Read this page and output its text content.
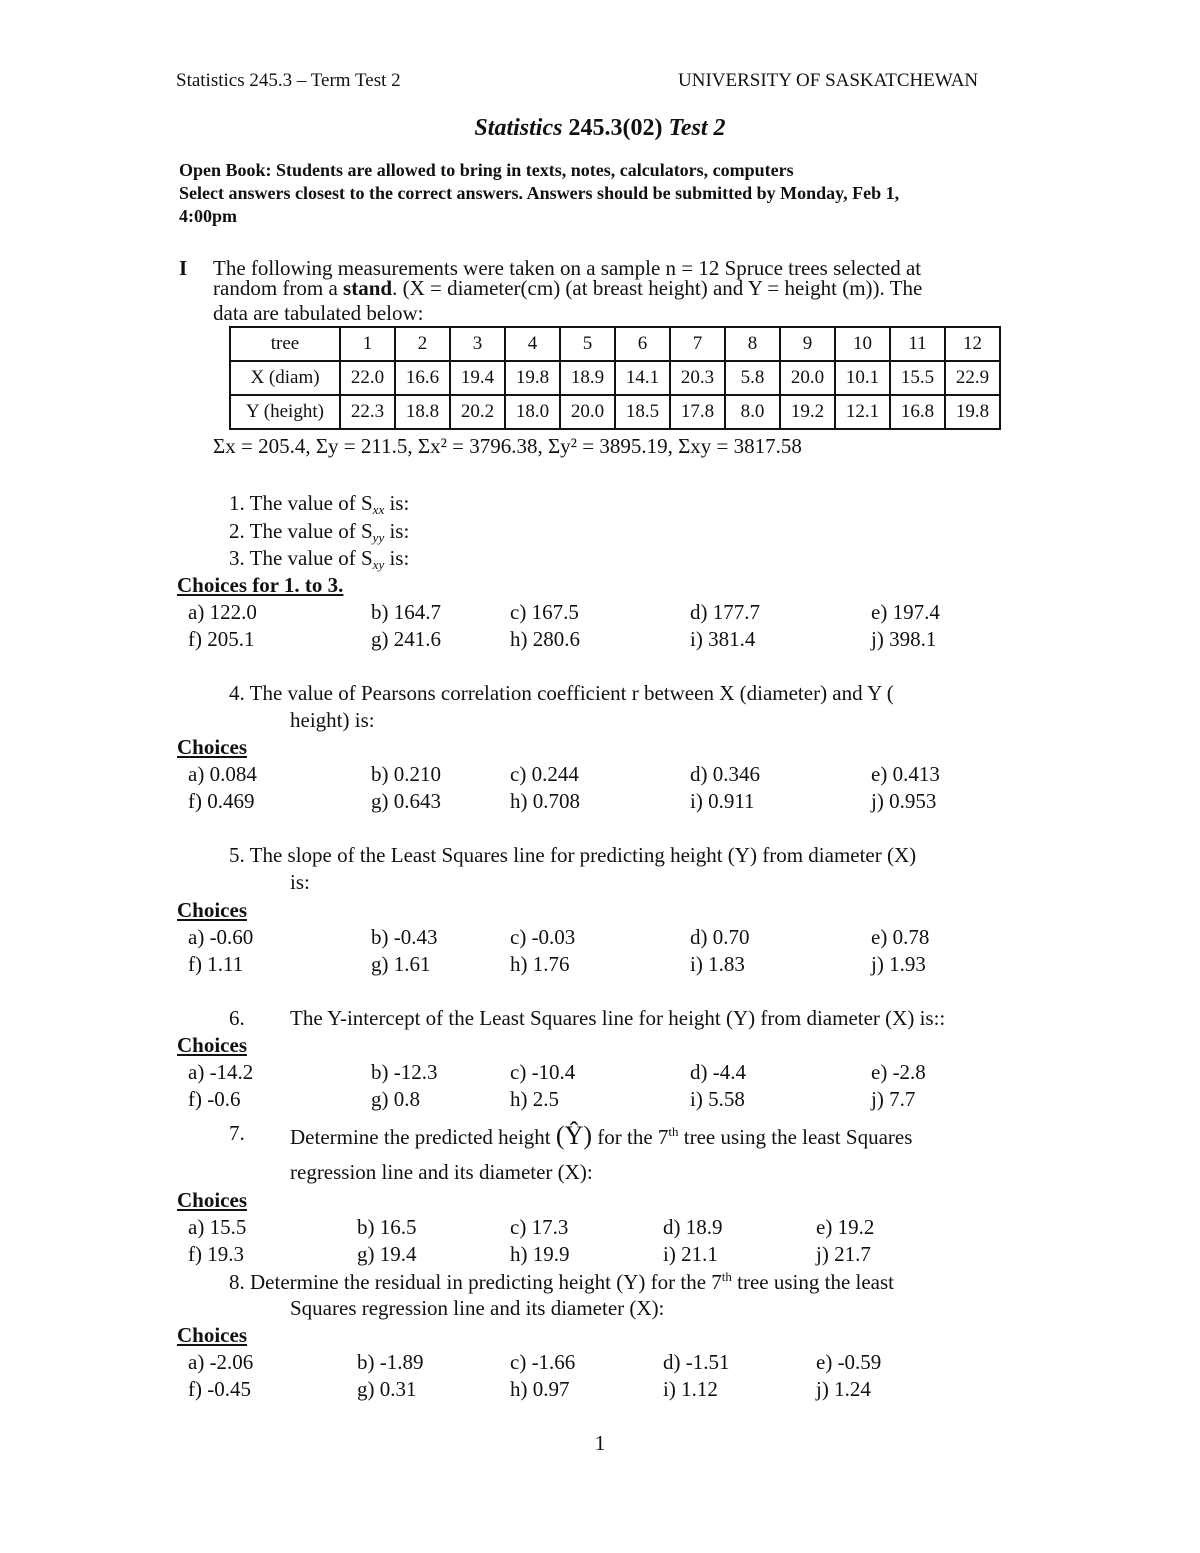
Statistics 245.3 – Term Test 2	UNIVERSITY OF SASKATCHEWAN
Statistics 245.3(02) Test 2
Open Book: Students are allowed to bring in texts, notes, calculators, computers
Select answers closest to the correct answers. Answers should be submitted by Monday, Feb 1,
4:00pm
I The following measurements were taken on a sample n = 12 Spruce trees selected at
random from a stand. (X = diameter(cm) (at breast height) and Y = height (m)). The
data are tabulated below:
tree	1	2	3	4	5	6	7	8	9	10	11	12
X (diam)	22.0	16.6	19.4	19.8	18.9	14.1	20.3	5.8	20.0	10.1	15.5	22.9
Y (height)	22.3	18.8	20.2	18.0	20.0	18.5	17.8	8.0	19.2	12.1	16.8	19.8
Σx = 205.4, Σy = 211.5, Σx² = 3796.38, Σy² = 3895.19, Σxy = 3817.58
1. The value of $S_{xx}$ is:
2. The value of $S_{yy}$ is:
3. The value of $S_{xy}$ is:
Choices for 1. to 3.
a) 122.0	b) 164.7	c) 167.5	d) 177.7	e) 197.4
f) 205.1	g) 241.6	h) 280.6	i) 381.4	j) 398.1
4. The value of Pearsons correlation coefficient r between X (diameter) and Y (
height) is:
Choices
a) 0.084	b) 0.210	c) 0.244	d) 0.346	e) 0.413
f) 0.469	g) 0.643	h) 0.708	i) 0.911	j) 0.953
5. The slope of the Least Squares line for predicting height (Y) from diameter (X)
is:
Choices
a) -0.60	b) -0.43	c) -0.03	d) 0.70	e) 0.78
f) 1.11	g) 1.61	h) 1.76	i) 1.83	j) 1.93
6. The Y-intercept of the Least Squares line for height (Y) from diameter (X) is::
Choices
a) -14.2	b) -12.3	c) -10.4	d) -4.4	e) -2.8
f) -0.6	g) 0.8	h) 2.5	i) 5.58	j) 7.7
7. Determine the predicted height (Ŷ) for the 7th tree using the least Squares
regression line and its diameter (X):
Choices
a) 15.5	b) 16.5	c) 17.3	d) 18.9	e) 19.2
f) 19.3	g) 19.4	h) 19.9	i) 21.1	j) 21.7
8. Determine the residual in predicting height (Y) for the 7th tree using the least
Squares regression line and its diameter (X):
Choices
a) -2.06	b) -1.89	c) -1.66	d) -1.51	e) -0.59
f) -0.45	g) 0.31	h) 0.97	i) 1.12	j) 1.24
1
